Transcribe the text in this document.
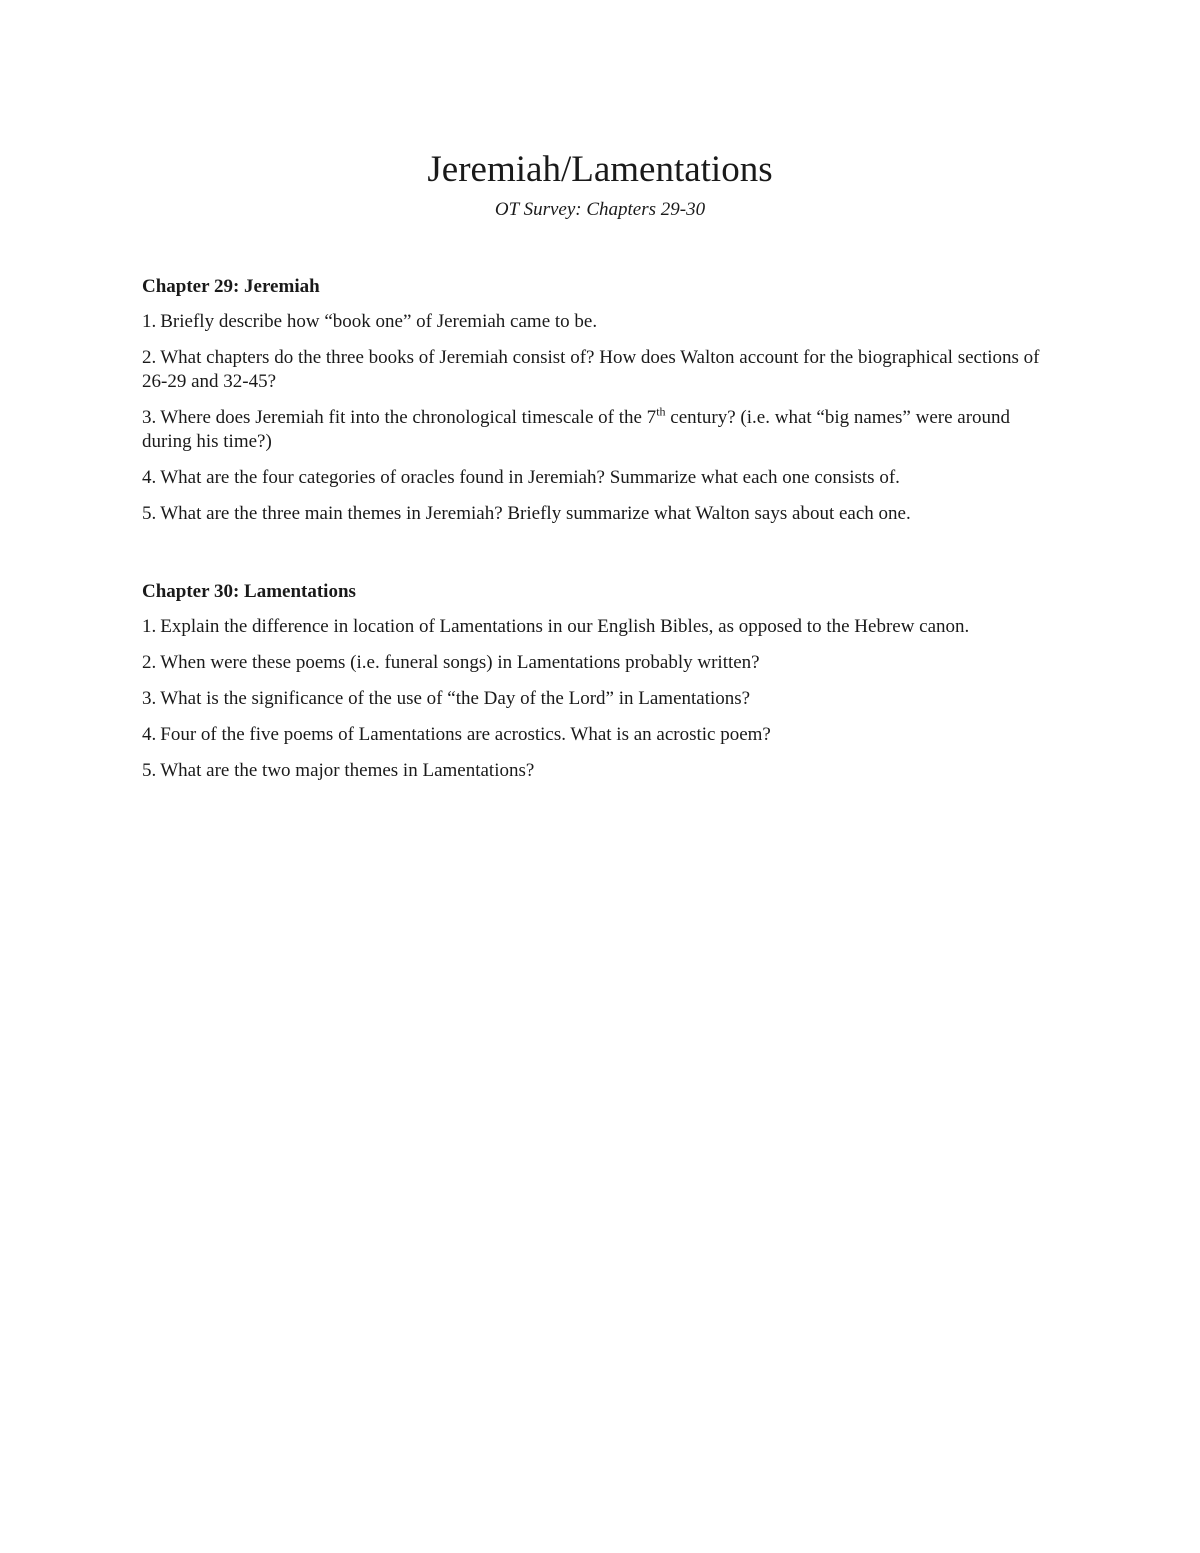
Jeremiah/Lamentations

OT Survey: Chapters 29-30

Chapter 29: Jeremiah

1. Briefly describe how “book one” of Jeremiah came to be.

2. What chapters do the three books of Jeremiah consist of? How does Walton account for the biographical sections of 26-29 and 32-45?

3. Where does Jeremiah fit into the chronological timescale of the 7th century? (i.e. what “big names” were around during his time?)

4. What are the four categories of oracles found in Jeremiah? Summarize what each one consists of.

5. What are the three main themes in Jeremiah? Briefly summarize what Walton says about each one.

Chapter 30: Lamentations

1. Explain the difference in location of Lamentations in our English Bibles, as opposed to the Hebrew canon.

2. When were these poems (i.e. funeral songs) in Lamentations probably written?

3. What is the significance of the use of “the Day of the Lord” in Lamentations?

4. Four of the five poems of Lamentations are acrostics. What is an acrostic poem?

5. What are the two major themes in Lamentations?
